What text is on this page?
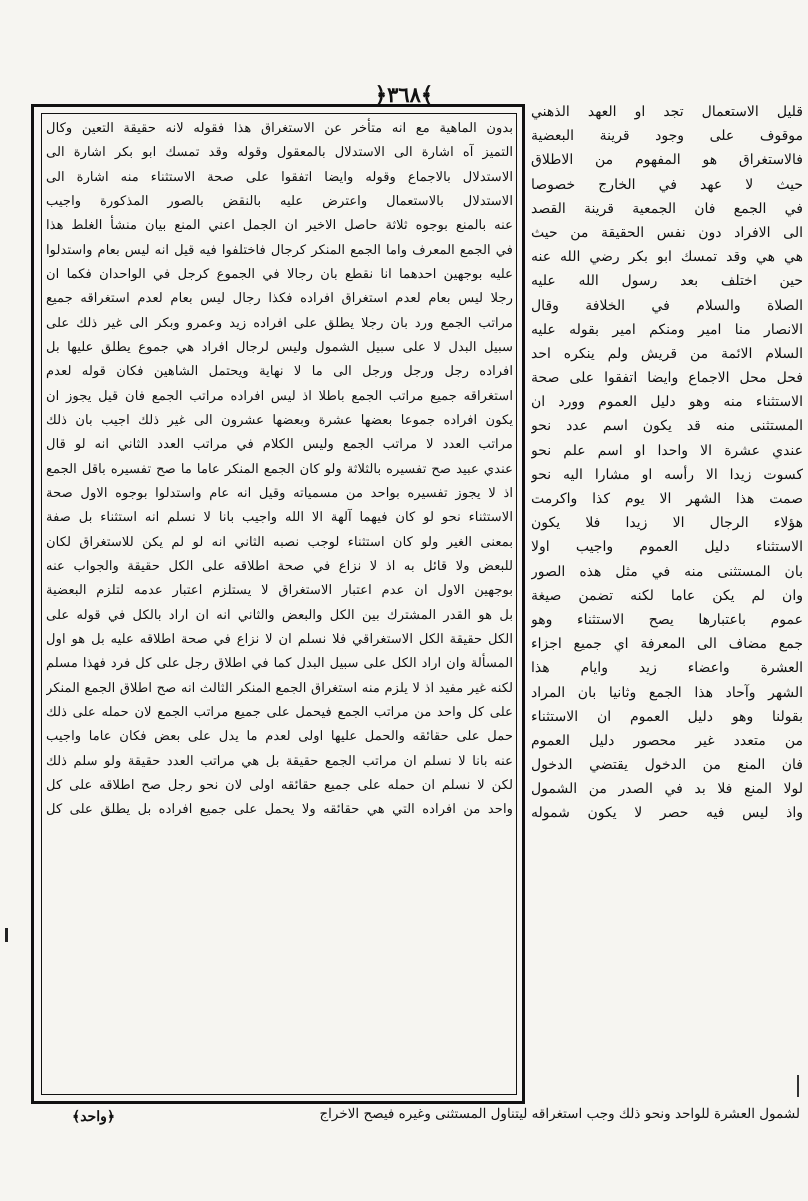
﴿٣٦٨﴾
بدون الماهية مع انه متأخر عن الاستغراق هذا فقوله لانه حقيقة التعين وكال
التميز آه اشارة الى الاستدلال بالمعقول وقوله وقد تمسك ابو بكر اشارة الى
الاستدلال بالاجماع وقوله وايضا اتفقوا على صحة الاستثناء منه اشارة الى
الاستدلال بالاستعمال واعترض عليه بالنقض بالصور المذكورة واجيب
عنه بالمنع بوجوه ثلاثة حاصل الاخير ان الجمل اعني المنع بيان منشأ الغلط هذا
في الجمع المعرف واما الجمع المنكر كرجال فاختلفوا فيه قيل انه ليس بعام واستدلوا
عليه بوجهين احدهما انا نقطع بان رجالا في الجموع كرجل في الواحدان فكما ان
رجلا ليس بعام لعدم استغراق افراده فكذا رجال ليس بعام لعدم استغراقه جميع
مراتب الجمع ورد بان رجلا يطلق على افراده زيد وعمرو وبكر الى غير ذلك على
سبيل البدل لا على سبيل الشمول وليس لرجال افراد هي جموع يطلق عليها بل
افراده رجل ورجل ورجل الى ما لا نهاية ويحتمل الشاهين فكان قوله لعدم
استغراقه جميع مراتب الجمع باطلا اذ ليس افراده مراتب الجمع فان قيل يجوز ان
يكون افراده جموعا بعضها عشرة وبعضها عشرون الى غير ذلك اجيب بان ذلك
مراتب العدد لا مراتب الجمع وليس الكلام في مراتب العدد الثاني انه لو قال
عندي عبيد صح تفسيره بالثلاثة ولو كان الجمع المنكر عاما ما صح تفسيره باقل الجمع
اذ لا يجوز تفسيره بواحد من مسمياته وقيل انه عام واستدلوا بوجوه الاول صحة
الاستثناء نحو لو كان فيهما آلهة الا الله واجيب بانا لا نسلم انه استثناء بل صفة
بمعنى الغير ولو كان استثناء لوجب نصبه الثاني انه لو لم يكن للاستغراق لكان
للبعض ولا قائل به اذ لا نزاع في صحة اطلاقه على الكل حقيقة والجواب عنه
بوجهين الاول ان عدم اعتبار الاستغراق لا يستلزم اعتبار عدمه لتلزم البعضية
بل هو القدر المشترك بين الكل والبعض والثاني انه ان اراد بالكل في قوله على
الكل حقيقة الكل الاستغراقي فلا نسلم ان لا نزاع في صحة اطلاقه عليه بل هو اول
المسألة وان اراد الكل على سبيل البدل كما في اطلاق رجل على كل فرد فهذا مسلم
لكنه غير مفيد اذ لا يلزم منه استغراق الجمع المنكر الثالث انه صح اطلاق الجمع المنكر
على كل واحد من مراتب الجمع فيحمل على جميع مراتب الجمع لان حمله على ذلك
حمل على حقائقه والحمل عليها اولى لعدم ما يدل على بعض فكان عاما واجيب
عنه بانا لا نسلم ان مراتب الجمع حقيقة بل هي مراتب العدد حقيقة ولو سلم ذلك
لكن لا نسلم ان حمله على جميع حقائقه اولى لان نحو رجل صح اطلاقه على كل
واحد من افراده التي هي حقائقه ولا يحمل على جميع افراده بل يطلق على كل
قليل الاستعمال تجد او العهد الذهني
موقوف على وجود قرينة البعضية
فالاستغراق هو المفهوم من الاطلاق
حيث لا عهد في الخارج خصوصا
في الجمع فان الجمعية قرينة القصد
الى الافراد دون نفس الحقيقة من حيث
هي هي وقد تمسك ابو بكر رضي الله عنه
حين اختلف بعد رسول الله عليه
الصلاة والسلام في الخلافة وقال
الانصار منا امير ومنكم امير بقوله عليه
السلام الائمة من قريش ولم ينكره احد
فحل محل الاجماع وايضا اتفقوا على صحة
الاستثناء منه وهو دليل العموم وورد ان
المستثنى منه قد يكون اسم عدد نحو
عندي عشرة الا واحدا او اسم علم نحو
كسوت زيدا الا رأسه او مشارا اليه نحو
صمت هذا الشهر الا يوم كذا واكرمت
هؤلاء الرجال الا زيدا فلا يكون
الاستثناء دليل العموم واجيب اولا
بان المستثنى منه في مثل هذه الصور
وان لم يكن عاما لكنه تضمن صيغة
عموم باعتبارها يصح الاستثناء وهو
جمع مضاف الى المعرفة اي جميع اجزاء
العشرة واعضاء زيد وايام هذا
الشهر وآحاد هذا الجمع وثانيا بان المراد
بقولنا وهو دليل العموم ان الاستثناء
من متعدد غير محصور دليل العموم
فان المنع من الدخول يقتضي الدخول
لولا المنع فلا بد في الصدر من الشمول
واذ ليس فيه حصر لا يكون شموله
لشمول العشرة للواحد ونحو ذلك وجب استغراقه ليتناول المستثنى وغيره فيصح الاخراج
﴿واحد﴾
